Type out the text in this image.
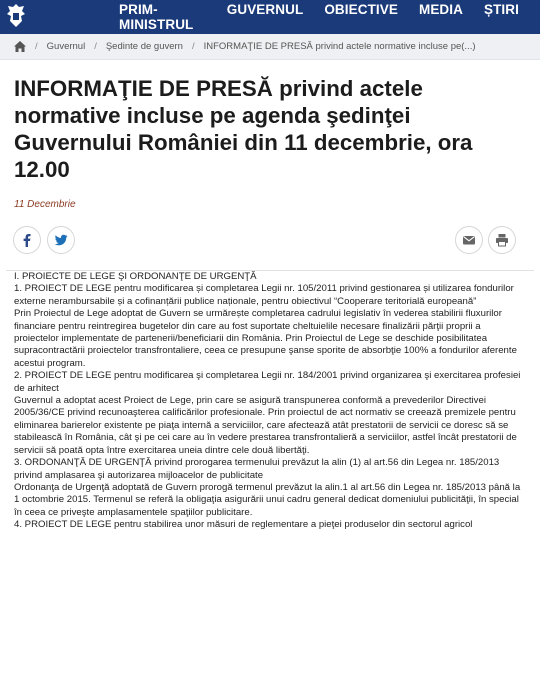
PRIM-MINISTRUL
GUVERNUL OBIECTIVE MEDIA ȘTIRI
/ Guvernul / Şedinte de guvern / INFORMAŢIE DE PRESĂ privind actele normative incluse pe(...)
INFORMAŢIE DE PRESĂ privind actele normative incluse pe agenda şedinţei Guvernului României din 11 decembrie, ora 12.00
11 Decembrie

I. PROIECTE DE LEGE ŞI ORDONANŢE DE URGENŢĂ

1. PROIECT DE LEGE pentru modificarea și completarea Legii nr. 105/2011 privind gestionarea și utilizarea fondurilor externe nerambursabile și a cofinanțării publice naționale, pentru obiectivul “Cooperare teritorială europeană”

Prin Proiectul de Lege adoptat de Guvern se urmărește completarea cadrului legislativ în vederea stabilirii fluxurilor financiare pentru reintregirea bugetelor din care au fost suportate cheltuielile necesare finalizării părţii proprii a proiectelor implementate de partenerii/beneficiarii din România. Prin Proiectul de Lege se deschide posibilitatea supracontractării proiectelor transfrontaliere, ceea ce presupune şanse sporite de absorbţie 100% a fondurilor aferente acestui program.

2. PROIECT DE LEGE pentru modificarea şi completarea Legii nr. 184/2001 privind organizarea şi exercitarea profesiei de arhitect

Guvernul a adoptat acest Proiect de Lege, prin care se asigură transpunerea conformă a prevederilor Directivei 2005/36/CE privind recunoaşterea calificărilor profesionale. Prin proiectul de act normativ se creează premizele pentru eliminarea barierelor existente pe piaţa internă a serviciilor, care afectează atât prestatorii de servicii ce doresc să se stabilească în România, cât şi pe cei care au în vedere prestarea transfrontalieră a serviciilor, astfel încât prestatorii de servicii să poată opta între exercitarea uneia dintre cele două libertăţi.

3. ORDONANŢĂ DE URGENŢĂ privind prorogarea termenului prevăzut la alin (1) al art.56 din Legea nr. 185/2013 privind amplasarea şi autorizarea mijloacelor de publicitate

Ordonanţa de Urgenţă adoptată de Guvern prorogă termenul prevăzut la alin.1 al art.56 din Legea nr. 185/2013 până la 1 octombrie 2015. Termenul se referă la obligaţia asigurării unui cadru general dedicat domeniului publicităţii, în special în ceea ce priveşte amplasamentele spaţiilor publicitare.

4. PROIECT DE LEGE pentru stabilirea unor măsuri de reglementare a pieţei produselor din sectorul agricol
